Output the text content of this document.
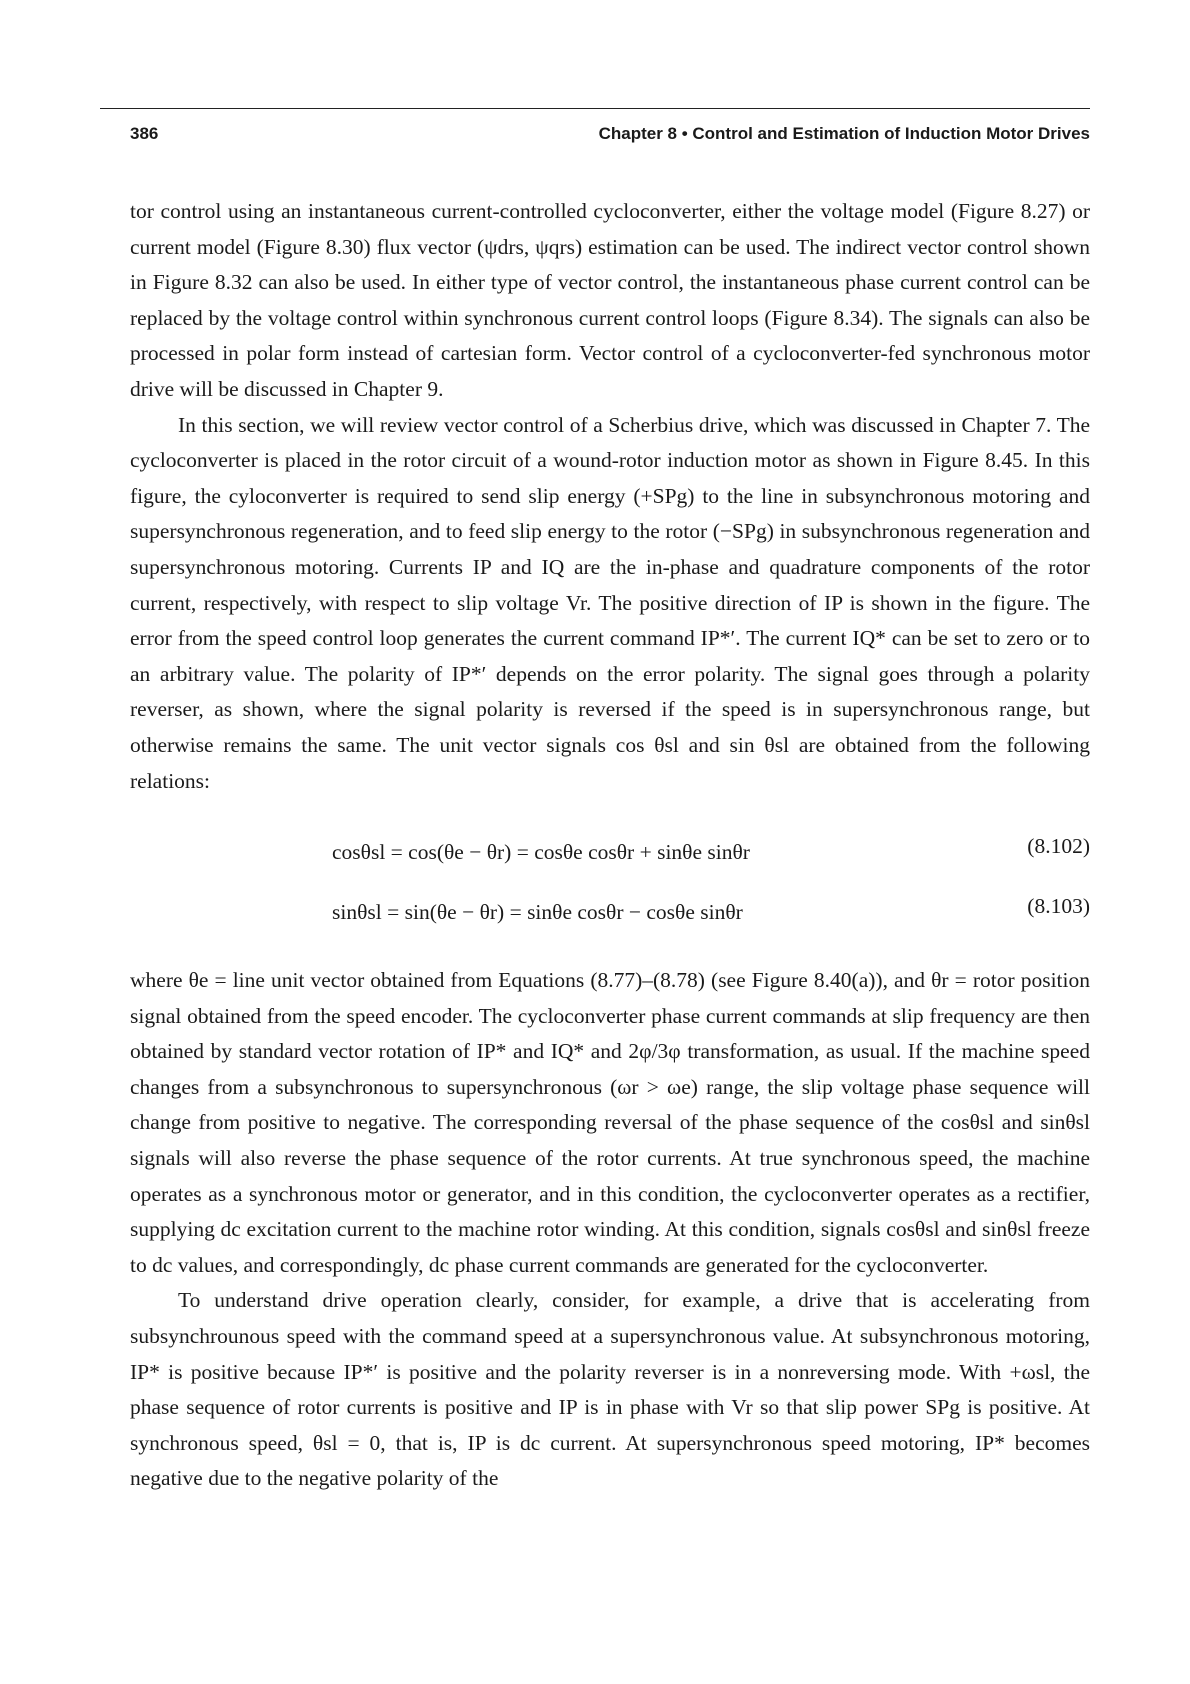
386	Chapter 8 • Control and Estimation of Induction Motor Drives

tor control using an instantaneous current-controlled cycloconverter, either the voltage model (Figure 8.27) or current model (Figure 8.30) flux vector (ψdrs, ψqrs) estimation can be used. The indirect vector control shown in Figure 8.32 can also be used. In either type of vector control, the instantaneous phase current control can be replaced by the voltage control within synchronous current control loops (Figure 8.34). The signals can also be processed in polar form instead of cartesian form. Vector control of a cycloconverter-fed synchronous motor drive will be discussed in Chapter 9.

In this section, we will review vector control of a Scherbius drive, which was discussed in Chapter 7. The cycloconverter is placed in the rotor circuit of a wound-rotor induction motor as shown in Figure 8.45. In this figure, the cyloconverter is required to send slip energy (+SPg) to the line in subsynchronous motoring and supersynchronous regeneration, and to feed slip energy to the rotor (−SPg) in subsynchronous regeneration and supersynchronous motoring. Currents IP and IQ are the in-phase and quadrature components of the rotor current, respectively, with respect to slip voltage Vr. The positive direction of IP is shown in the figure. The error from the speed control loop generates the current command IP*′. The current IQ* can be set to zero or to an arbitrary value. The polarity of IP*′ depends on the error polarity. The signal goes through a polarity reverser, as shown, where the signal polarity is reversed if the speed is in supersynchronous range, but otherwise remains the same. The unit vector signals cos θsl and sin θsl are obtained from the following relations:

cosθsl = cos(θe − θr) = cosθe cosθr + sinθe sinθr	(8.102)
sinθsl = sin(θe − θr) = sinθe cosθr − cosθe sinθr	(8.103)

where θe = line unit vector obtained from Equations (8.77)–(8.78) (see Figure 8.40(a)), and θr = rotor position signal obtained from the speed encoder. The cycloconverter phase current commands at slip frequency are then obtained by standard vector rotation of IP* and IQ* and 2φ/3φ transformation, as usual. If the machine speed changes from a subsynchronous to supersynchronous (ωr > ωe) range, the slip voltage phase sequence will change from positive to negative. The corresponding reversal of the phase sequence of the cosθsl and sinθsl signals will also reverse the phase sequence of the rotor currents. At true synchronous speed, the machine operates as a synchronous motor or generator, and in this condition, the cycloconverter operates as a rectifier, supplying dc excitation current to the machine rotor winding. At this condition, signals cosθsl and sinθsl freeze to dc values, and correspondingly, dc phase current commands are generated for the cycloconverter.

To understand drive operation clearly, consider, for example, a drive that is accelerating from subsynchrounous speed with the command speed at a supersynchronous value. At subsynchronous motoring, IP* is positive because IP*′ is positive and the polarity reverser is in a nonreversing mode. With +ωsl, the phase sequence of rotor currents is positive and IP is in phase with Vr so that slip power SPg is positive. At synchronous speed, θsl = 0, that is, IP is dc current. At supersynchronous speed motoring, IP* becomes negative due to the negative polarity of the
